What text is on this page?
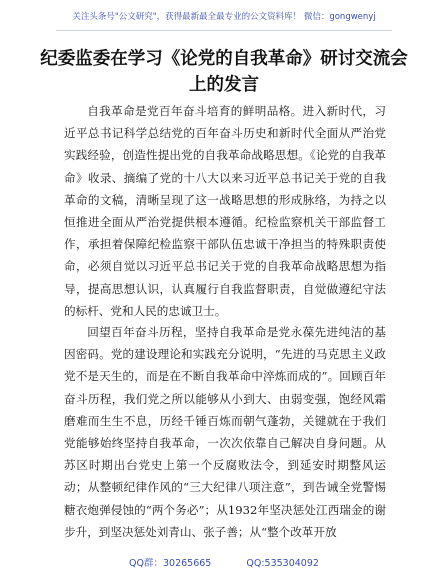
关注头条号"公文研究"，获得最新最全最专业的公文资料库！ 微信：gongwenyj
纪委监委在学习《论党的自我革命》研讨交流会上的发言
自我革命是党百年奋斗培育的鲜明品格。进入新时代，习近平总书记科学总结党的百年奋斗历史和新时代全面从严治党实践经验，创造性提出党的自我革命战略思想。《论党的自我革命》收录、摘编了党的十八大以来习近平总书记关于党的自我革命的文稿，清晰呈现了这一战略思想的形成脉络，为持之以恒推进全面从严治党提供根本遵循。纪检监察机关干部监督工作，承担着保障纪检监察干部队伍忠诚干净担当的特殊职责使命，必须自觉以习近平总书记关于党的自我革命战略思想为指导，提高思想认识，认真履行自我监督职责，自觉做遵纪守法的标杆、党和人民的忠诚卫士。
回望百年奋斗历程，坚持自我革命是党永葆先进纯洁的基因密码。党的建设理论和实践充分说明，“先进的马克思主义政党不是天生的，而是在不断自我革命中淬炼而成的”。回顾百年奋斗历程，我们党之所以能够从小到大、由弱变强，饱经风霜磨难而生生不息，历经千锤百炼而朝气蓬勃，关键就在于我们党能够始终坚持自我革命，一次次依靠自己解决自身问题。从苏区时期出台党史上第一个反腐败法令，到延安时期整风运动；从整顿纪律作风的“三大纪律八项注意”，到告诫全党警惕糖衣炮弹侵蚀的“两个务必”；从1932年坚决惩处江西瑞金的谢步升，到坚决惩处刘青山、张子善；从“整个改革开放
QQ群：30265665	QQ:535304092
